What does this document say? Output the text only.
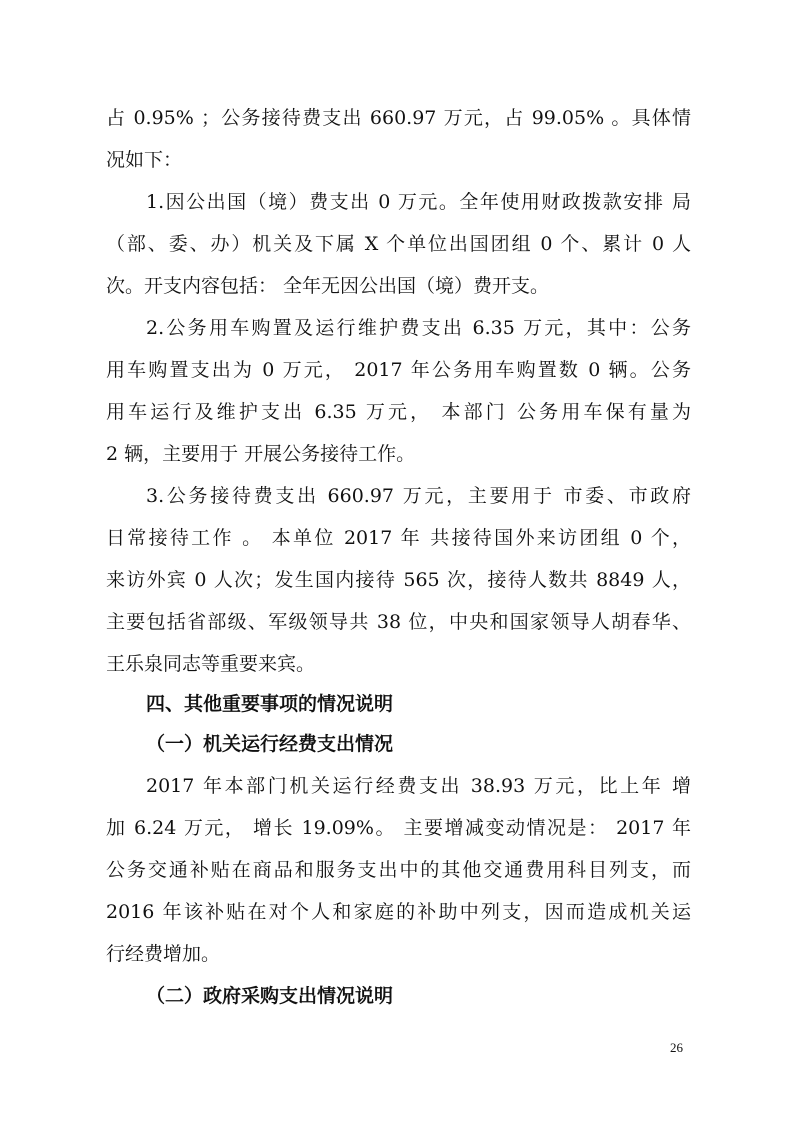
占 0.95% ；公务接待费支出 660.97 万元，占 99.05% 。具体情
况如下：
1.因公出国（境）费支出 0 万元。全年使用财政拨款安排 局
（部、委、办）机关及下属 X 个单位出国团组 0 个、累计 0 人
次。开支内容包括： 全年无因公出国（境）费开支。
2.公务用车购置及运行维护费支出 6.35 万元，其中：公务
用车购置支出为 0 万元， 2017 年公务用车购置数 0 辆。公务
用车运行及维护支出 6.35 万元， 本部门 公务用车保有量为
2 辆，主要用于 开展公务接待工作。
3.公务接待费支出 660.97 万元，主要用于 市委、市政府
日常接待工作 。 本单位 2017 年 共接待国外来访团组 0 个，
来访外宾 0 人次；发生国内接待 565 次，接待人数共 8849 人，
主要包括省部级、军级领导共 38 位，中央和国家领导人胡春华、
王乐泉同志等重要来宾。
四、其他重要事项的情况说明
（一）机关运行经费支出情况
2017 年本部门机关运行经费支出 38.93 万元，比上年 增
加 6.24 万元， 增长 19.09%。 主要增减变动情况是： 2017 年
公务交通补贴在商品和服务支出中的其他交通费用科目列支，而
2016 年该补贴在对个人和家庭的补助中列支，因而造成机关运
行经费增加。
（二）政府采购支出情况说明
26
